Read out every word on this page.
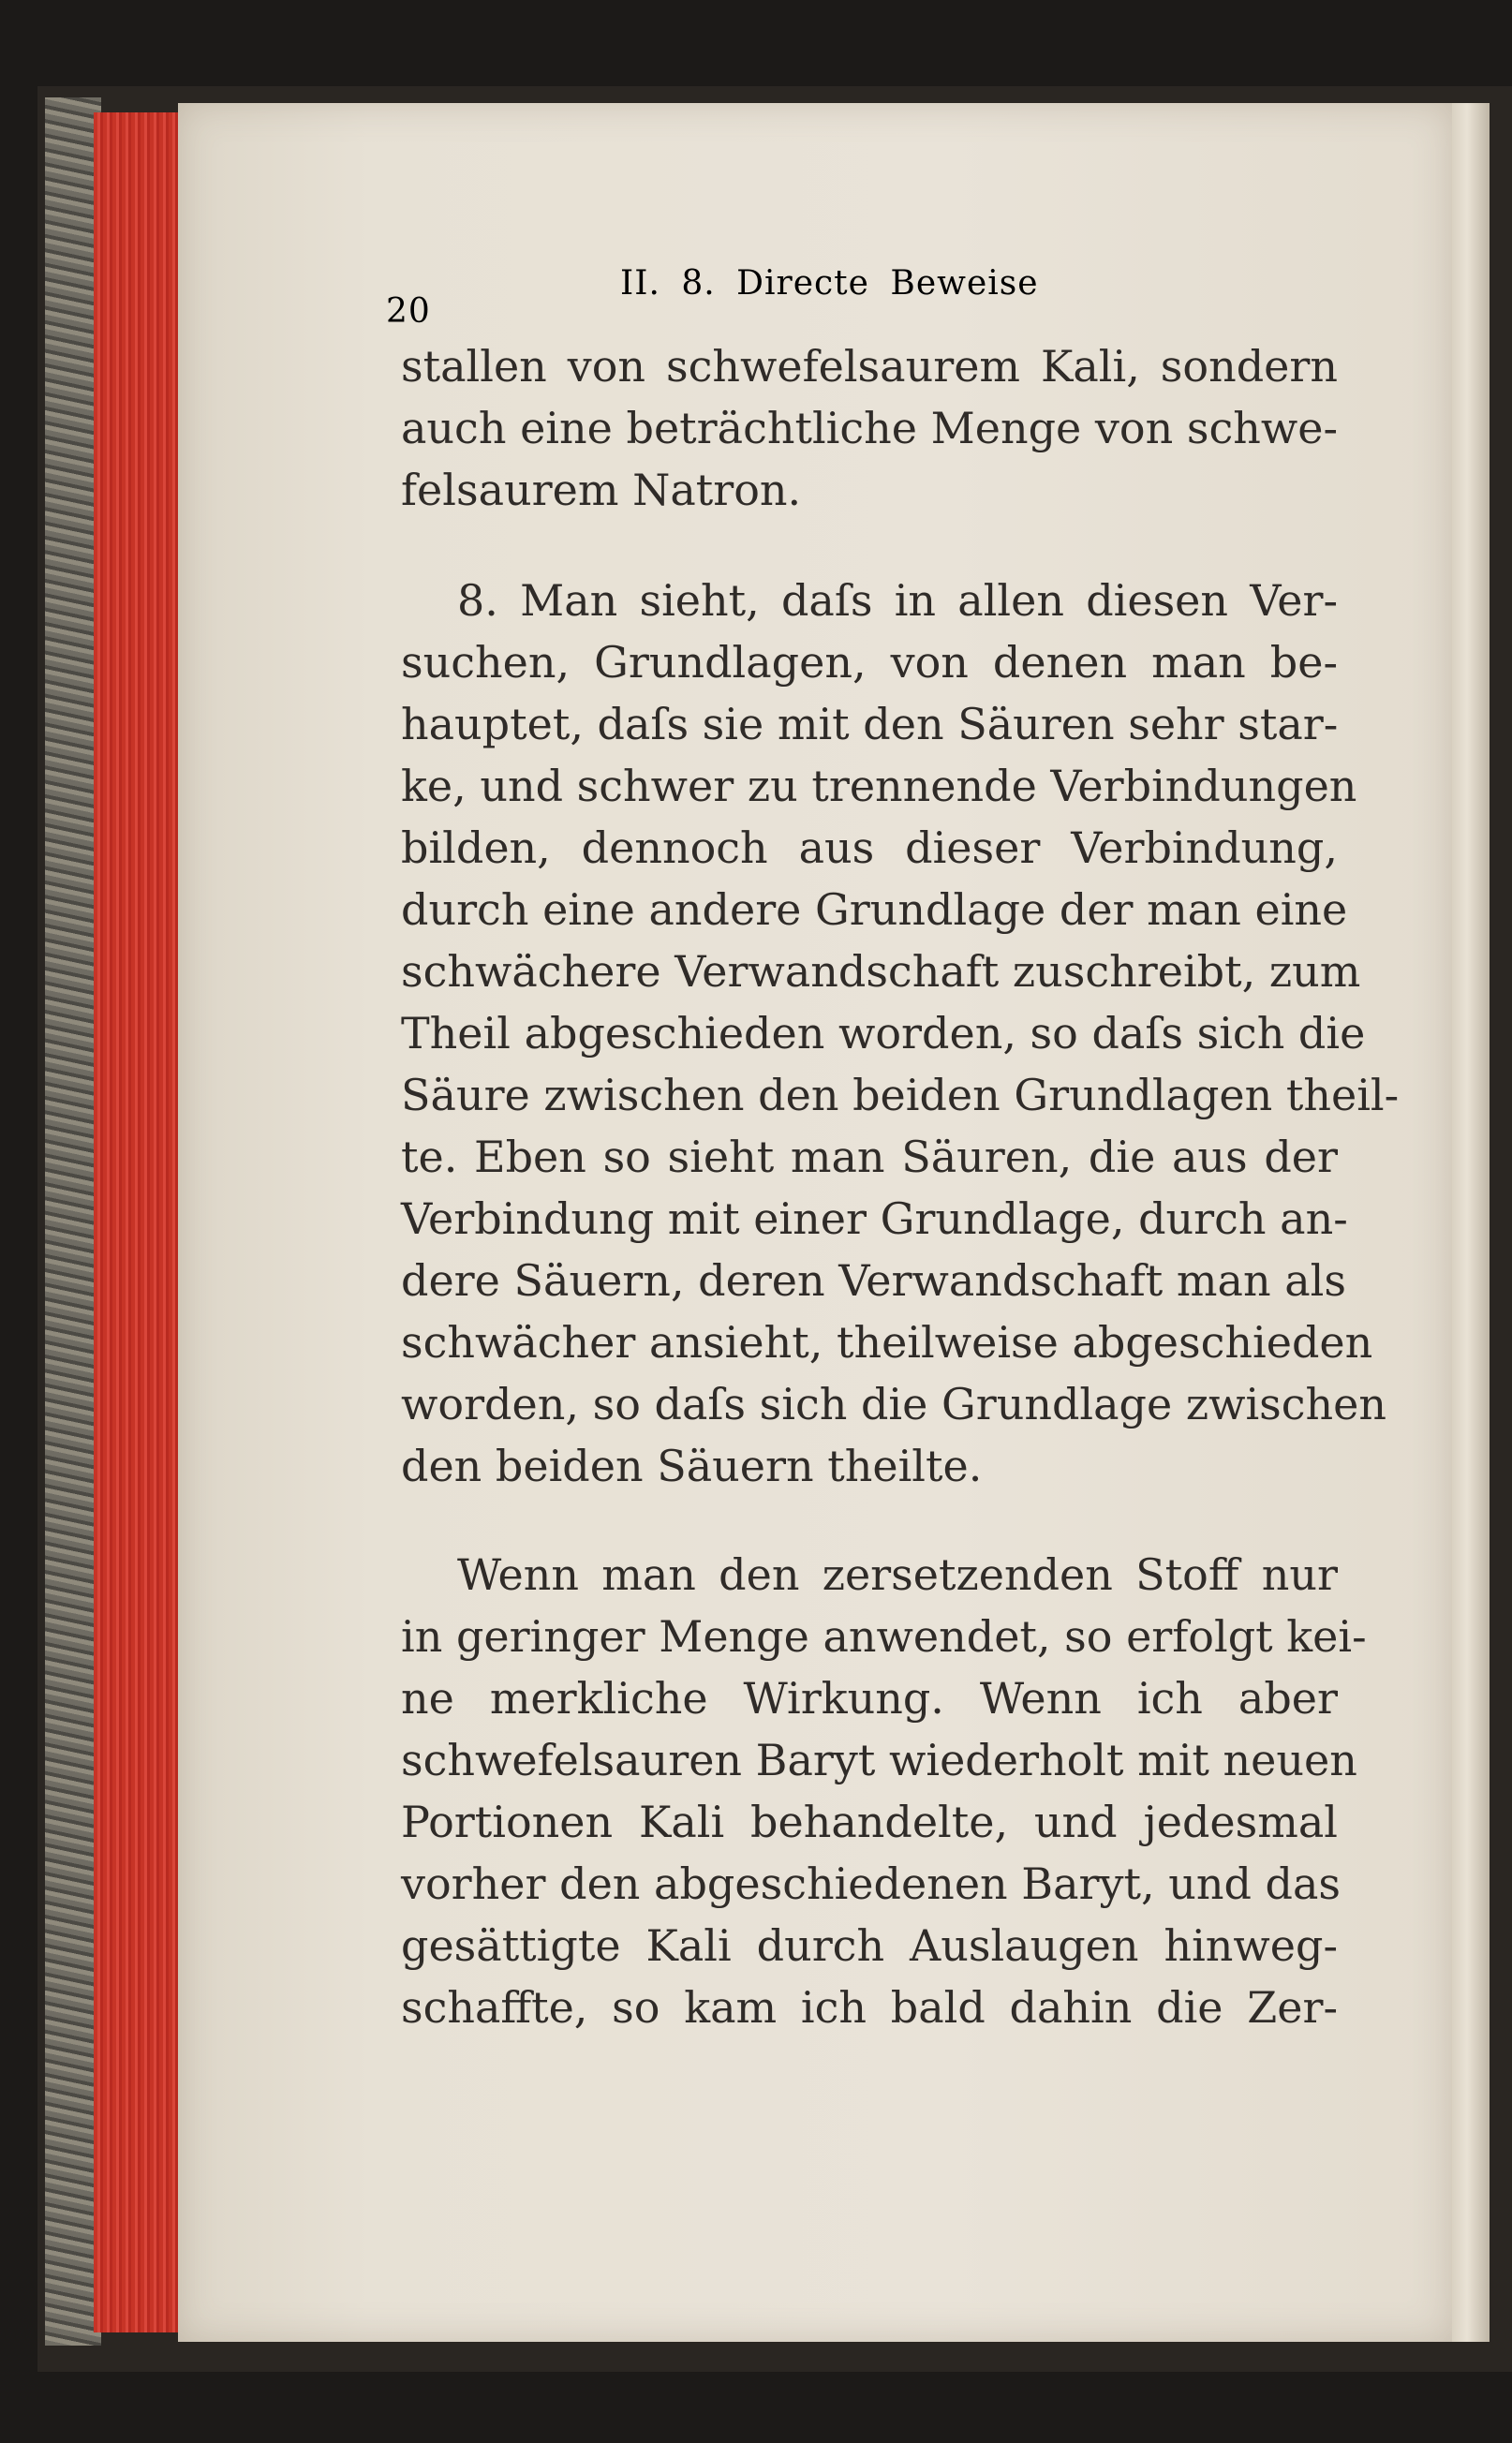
20
II. 8. Directe Beweise
stallen von schwefelsaurem Kali, sondern
auch eine beträchtliche Menge von schwe-
felsaurem Natron.
8. Man sieht, daſs in allen diesen Ver-
suchen, Grundlagen, von denen man be-
hauptet, daſs sie mit den Säuren sehr star-
ke, und schwer zu trennende Verbindungen
bilden, dennoch aus dieser Verbindung,
durch eine andere Grundlage der man eine
schwächere Verwandschaft zuschreibt, zum
Theil abgeschieden worden, so daſs sich die
Säure zwischen den beiden Grundlagen theil-
te. Eben so sieht man Säuren, die aus der
Verbindung mit einer Grundlage, durch an-
dere Säuern, deren Verwandschaft man als
schwächer ansieht, theilweise abgeschieden
worden, so daſs sich die Grundlage zwischen
den beiden Säuern theilte.
Wenn man den zersetzenden Stoff nur
in geringer Menge anwendet, so erfolgt kei-
ne merkliche Wirkung. Wenn ich aber
schwefelsauren Baryt wiederholt mit neuen
Portionen Kali behandelte, und jedesmal
vorher den abgeschiedenen Baryt, und das
gesättigte Kali durch Auslaugen hinweg-
schaffte, so kam ich bald dahin die Zer-
